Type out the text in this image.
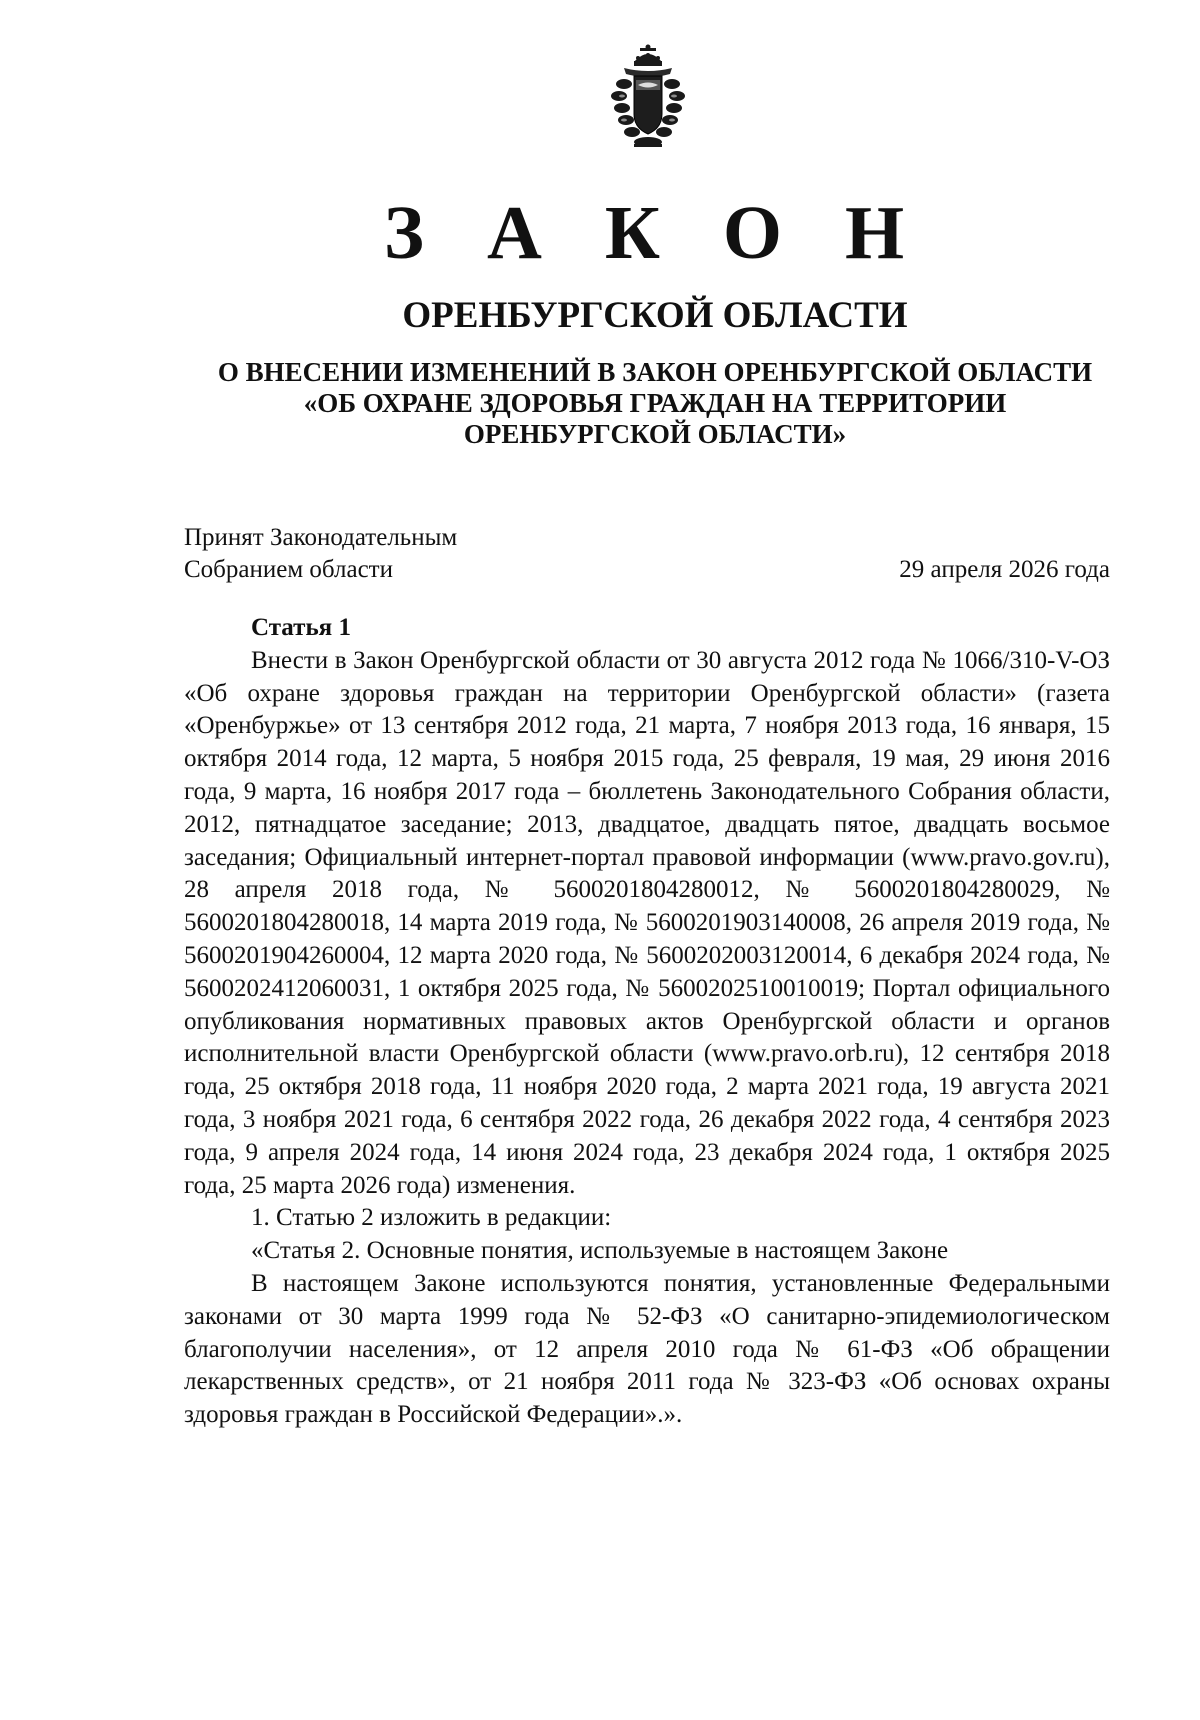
З А К О Н
ОРЕНБУРГСКОЙ ОБЛАСТИ
О ВНЕСЕНИИ ИЗМЕНЕНИЙ В ЗАКОН ОРЕНБУРГСКОЙ ОБЛАСТИ
«ОБ ОХРАНЕ ЗДОРОВЬЯ ГРАЖДАН НА ТЕРРИТОРИИ
ОРЕНБУРГСКОЙ ОБЛАСТИ»
Принят Законодательным
Собранием области	29 апреля 2026 года
Статья 1

Внести в Закон Оренбургской области от 30 августа 2012 года № 1066/310-V-ОЗ «Об охране здоровья граждан на территории Оренбургской области» (газета «Оренбуржье» от 13 сентября 2012 года, 21 марта, 7 ноября 2013 года, 16 января, 15 октября 2014 года, 12 марта, 5 ноября 2015 года, 25 февраля, 19 мая, 29 июня 2016 года, 9 марта, 16 ноября 2017 года – бюллетень Законодательного Собрания области, 2012, пятнадцатое заседание; 2013, двадцатое, двадцать пятое, двадцать восьмое заседания; Официальный интернет-портал правовой информации (www.pravo.gov.ru), 28 апреля 2018 года, № 5600201804280012, № 5600201804280029, № 5600201804280018, 14 марта 2019 года, № 5600201903140008, 26 апреля 2019 года, № 5600201904260004, 12 марта 2020 года, № 5600202003120014, 6 декабря 2024 года, № 5600202412060031, 1 октября 2025 года, № 5600202510010019; Портал официального опубликования нормативных правовых актов Оренбургской области и органов исполнительной власти Оренбургской области (www.pravo.orb.ru), 12 сентября 2018 года, 25 октября 2018 года, 11 ноября 2020 года, 2 марта 2021 года, 19 августа 2021 года, 3 ноября 2021 года, 6 сентября 2022 года, 26 декабря 2022 года, 4 сентября 2023 года, 9 апреля 2024 года, 14 июня 2024 года, 23 декабря 2024 года, 1 октября 2025 года, 25 марта 2026 года) изменения.

1. Статью 2 изложить в редакции:

«Статья 2. Основные понятия, используемые в настоящем Законе

В настоящем Законе используются понятия, установленные Федеральными законами от 30 марта 1999 года № 52-ФЗ «О санитарно-эпидемиологическом благополучии населения», от 12 апреля 2010 года № 61-ФЗ «Об обращении лекарственных средств», от 21 ноября 2011 года № 323-ФЗ «Об основах охраны здоровья граждан в Российской Федерации».».
